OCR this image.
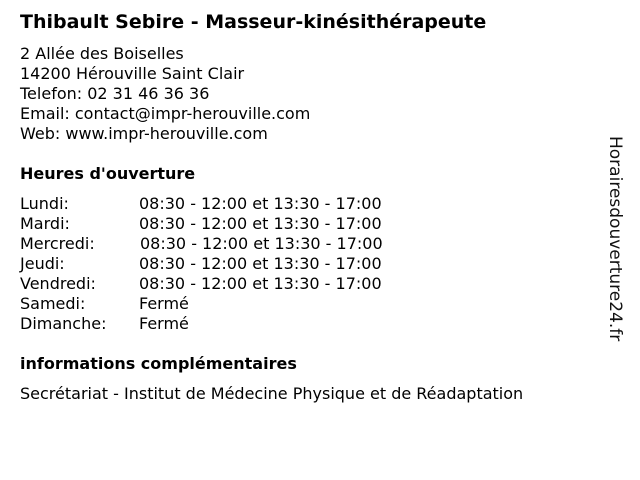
Thibault Sebire - Masseur-kinésithérapeute
2 Allée des Boiselles
14200 Hérouville Saint Clair
Telefon: 02 31 46 36 36
Email: contact@impr-herouville.com
Web: www.impr-herouville.com
Heures d'ouverture
Lundi:	08:30 - 12:00 et 13:30 - 17:00
Mardi:	08:30 - 12:00 et 13:30 - 17:00
Mercredi:	08:30 - 12:00 et 13:30 - 17:00
Jeudi:	08:30 - 12:00 et 13:30 - 17:00
Vendredi:	08:30 - 12:00 et 13:30 - 17:00
Samedi:	Fermé
Dimanche: Fermé
informations complémentaires
Secrétariat - Institut de Médecine Physique et de Réadaptation
Horairesdouverture24.fr
